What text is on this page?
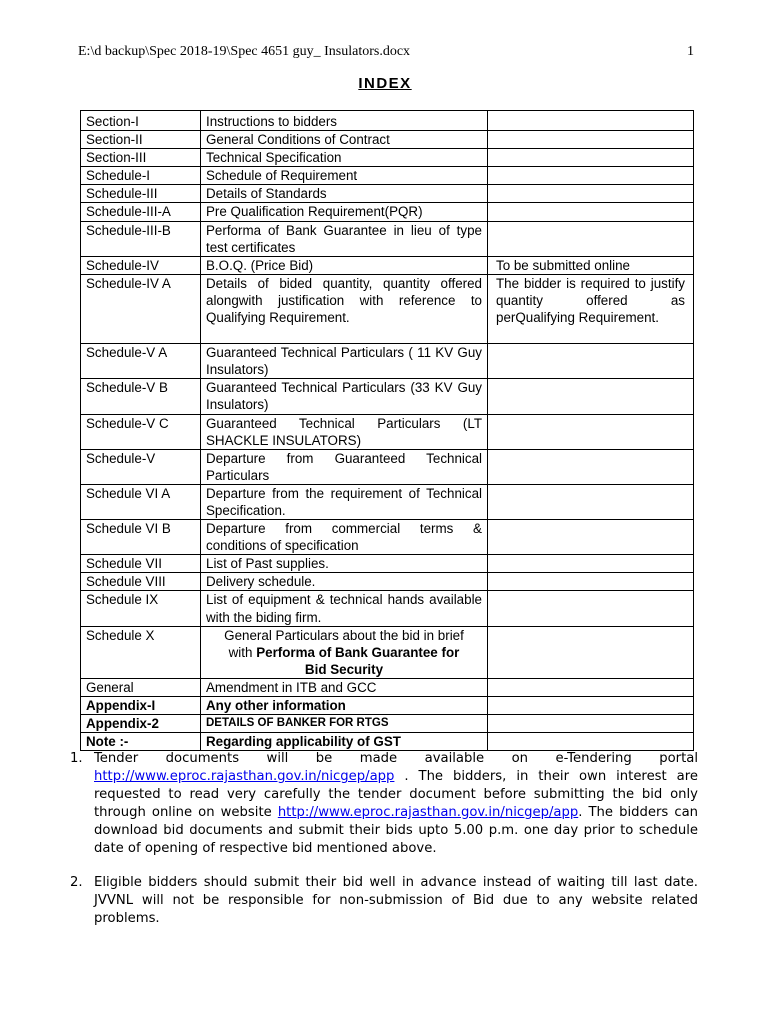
E:\d backup\Spec 2018-19\Spec 4651 guy_ Insulators.docx	1
INDEX
Section-I	Instructions to bidders	
Section-II	General Conditions of Contract	
Section-III	Technical Specification	
Schedule-I	Schedule of Requirement	
Schedule-III	Details of Standards	
Schedule-III-A	Pre Qualification Requirement(PQR)	
Schedule-III-B	Performa of Bank Guarantee in lieu of type test certificates	
Schedule-IV	B.O.Q. (Price Bid)	To be submitted online
Schedule-IV A	Details of bided quantity, quantity offered alongwith justification with reference to Qualifying Requirement.	The bidder is required to justify quantity offered as perQualifying Requirement.
Schedule-V A	Guaranteed Technical Particulars ( 11 KV Guy Insulators)	
Schedule-V B	Guaranteed Technical Particulars (33 KV Guy Insulators)	
Schedule-V C	Guaranteed Technical Particulars (LT SHACKLE INSULATORS)	
Schedule-V	Departure from Guaranteed Technical Particulars	
Schedule VI A	Departure from the requirement of Technical Specification.	
Schedule VI B	Departure from commercial terms & conditions of specification	
Schedule VII	List of Past supplies.	
Schedule VIII	Delivery schedule.	
Schedule IX	List of equipment & technical hands available with the biding firm.	
Schedule X	General Particulars about the bid in brief
with Performa of Bank Guarantee for
Bid Security	
General	Amendment in ITB and GCC	
Appendix-I	Any other information	
Appendix-2	DETAILS OF BANKER FOR RTGS	
Note :-	Regarding applicability of GST	
1. Tender documents will be made available on e-Tendering portal http://www.eproc.rajasthan.gov.in/nicgep/app . The bidders, in their own interest are requested to read very carefully the tender document before submitting the bid only through online on website http://www.eproc.rajasthan.gov.in/nicgep/app. The bidders can download bid documents and submit their bids upto 5.00 p.m. one day prior to schedule date of opening of respective bid mentioned above.
2. Eligible bidders should submit their bid well in advance instead of waiting till last date. JVVNL will not be responsible for non-submission of Bid due to any website related problems.
